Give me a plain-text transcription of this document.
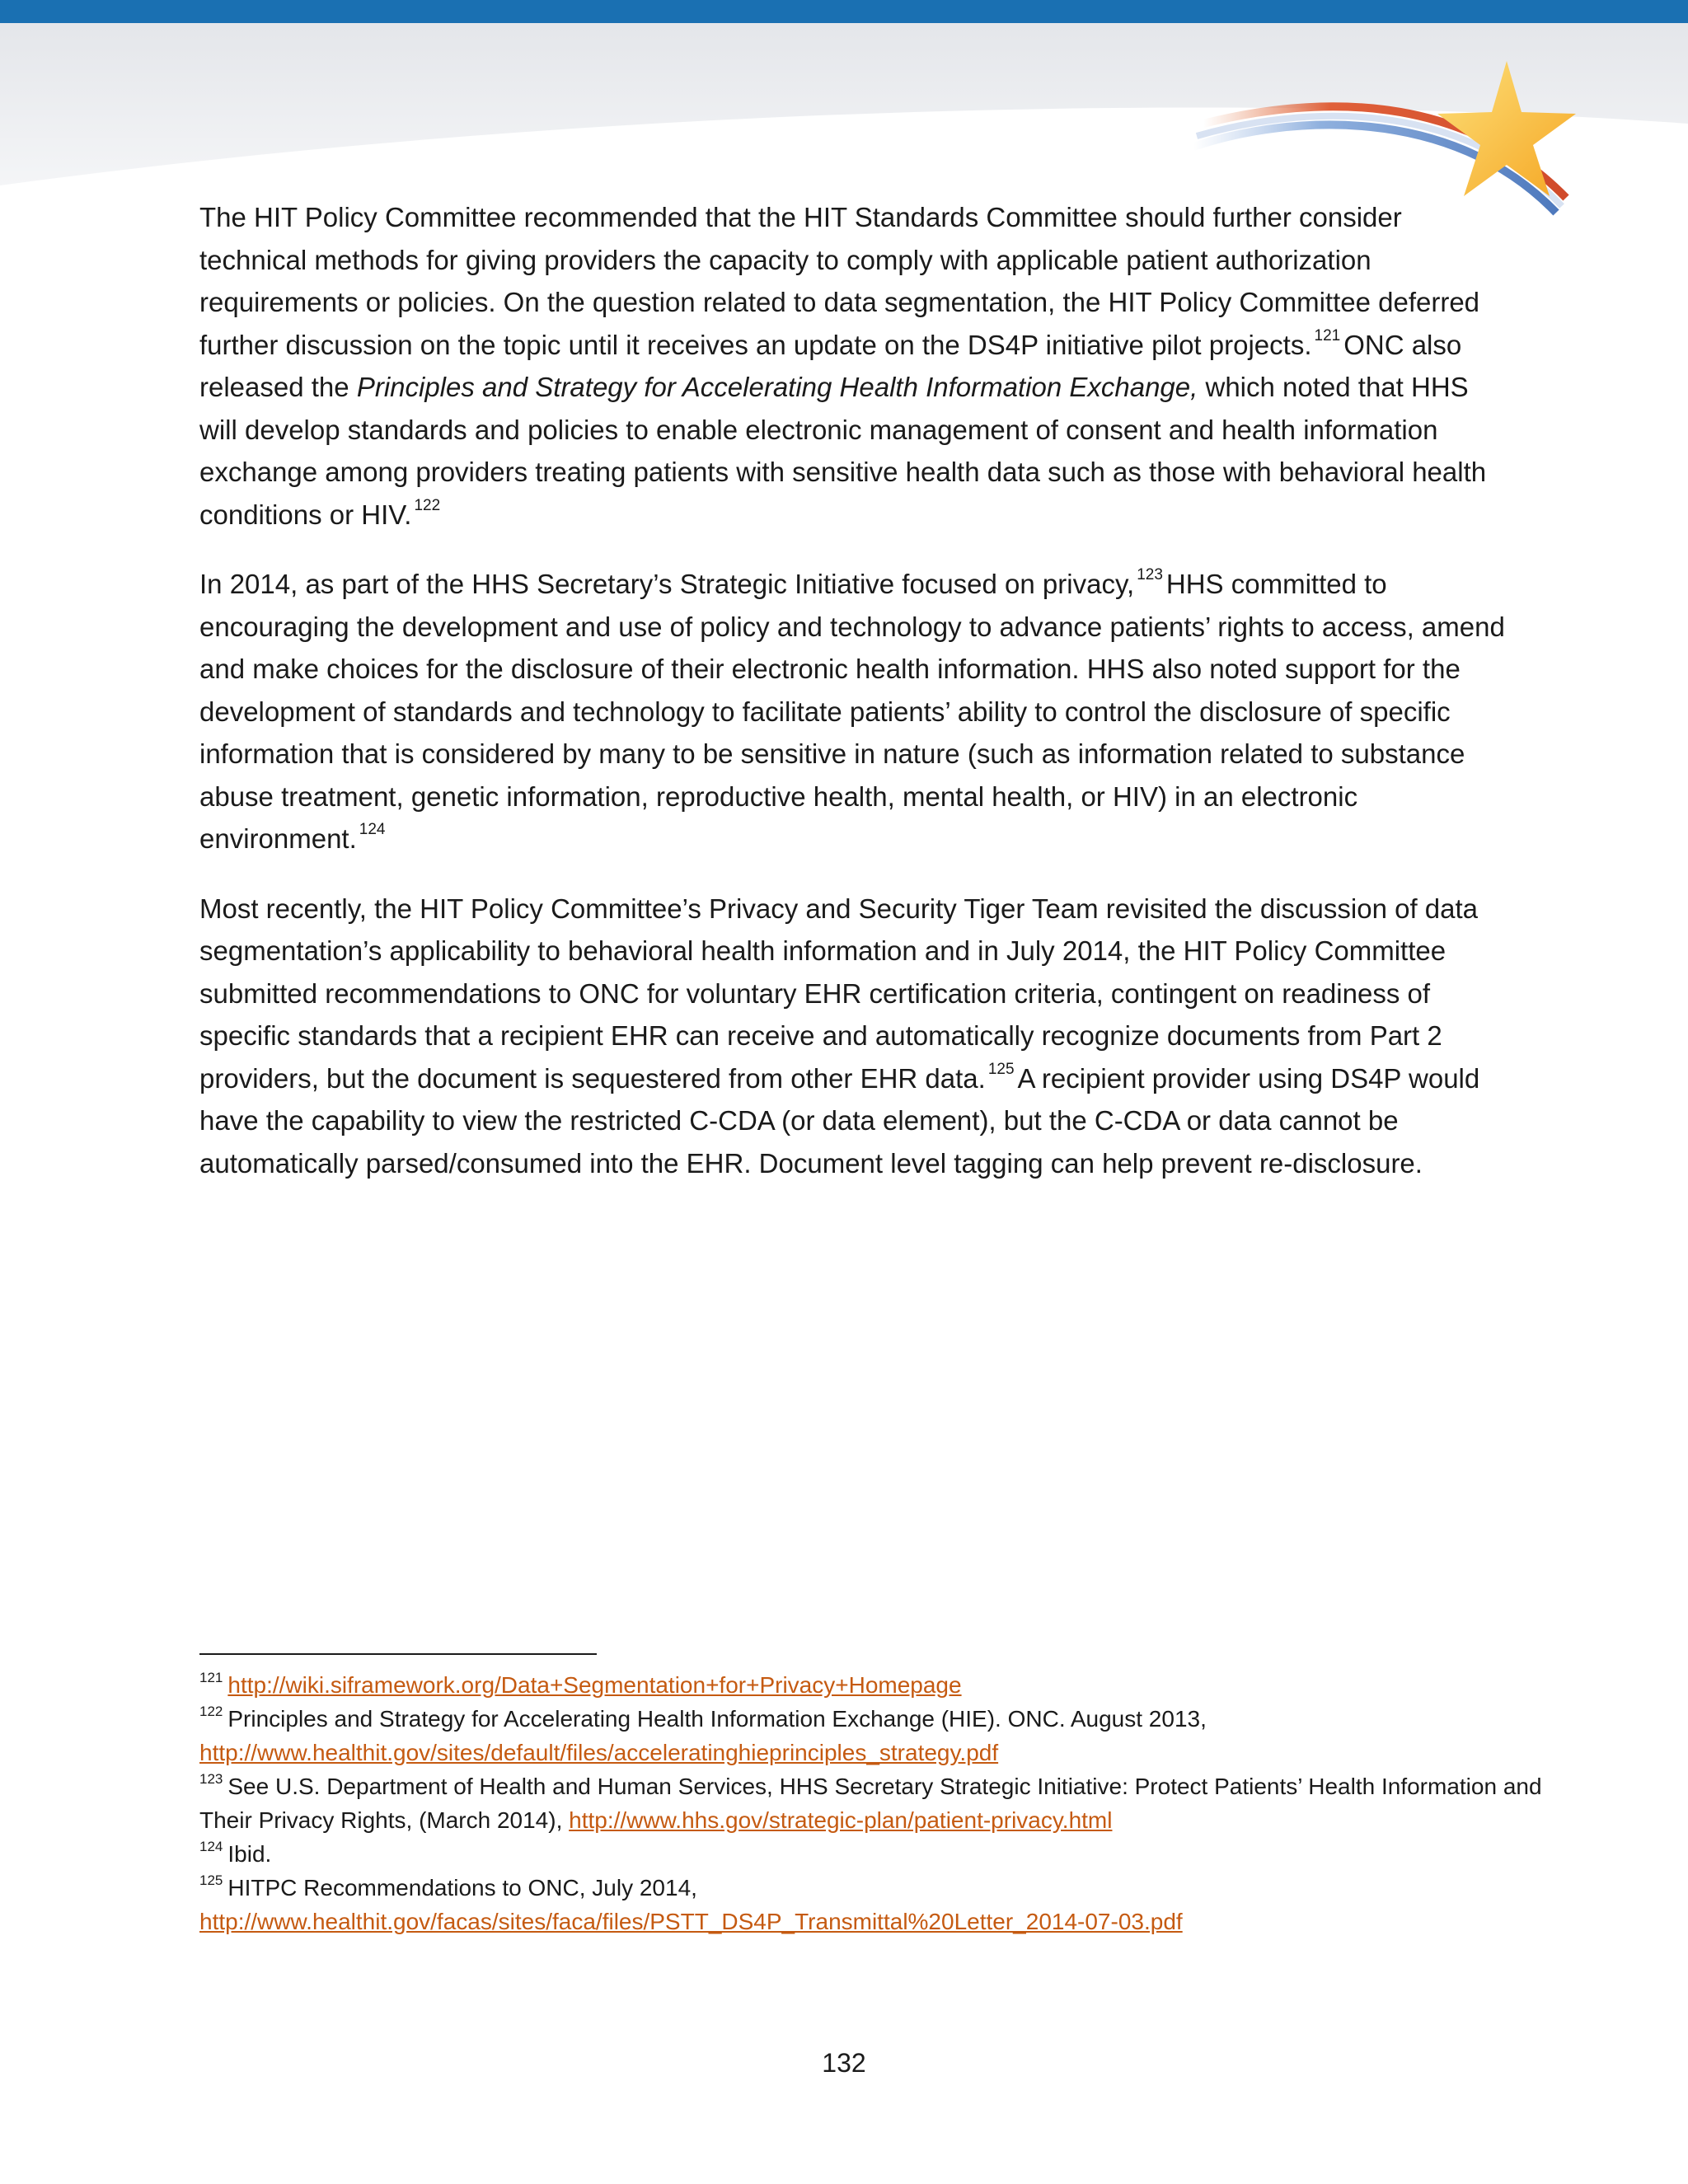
The HIT Policy Committee recommended that the HIT Standards Committee should further consider technical methods for giving providers the capacity to comply with applicable patient authorization requirements or policies. On the question related to data segmentation, the HIT Policy Committee deferred further discussion on the topic until it receives an update on the DS4P initiative pilot projects. $^{121}$ ONC also released the Principles and Strategy for Accelerating Health Information Exchange, which noted that HHS will develop standards and policies to enable electronic management of consent and health information exchange among providers treating patients with sensitive health data such as those with behavioral health conditions or HIV. $^{122}$

In 2014, as part of the HHS Secretary’s Strategic Initiative focused on privacy, $^{123}$ HHS committed to encouraging the development and use of policy and technology to advance patients’ rights to access, amend and make choices for the disclosure of their electronic health information. HHS also noted support for the development of standards and technology to facilitate patients’ ability to control the disclosure of specific information that is considered by many to be sensitive in nature (such as information related to substance abuse treatment, genetic information, reproductive health, mental health, or HIV) in an electronic environment. $^{124}$

Most recently, the HIT Policy Committee’s Privacy and Security Tiger Team revisited the discussion of data segmentation’s applicability to behavioral health information and in July 2014, the HIT Policy Committee submitted recommendations to ONC for voluntary EHR certification criteria, contingent on readiness of specific standards that a recipient EHR can receive and automatically recognize documents from Part 2 providers, but the document is sequestered from other EHR data. $^{125}$ A recipient provider using DS4P would have the capability to view the restricted C-CDA (or data element), but the C-CDA or data cannot be automatically parsed/consumed into the EHR. Document level tagging can help prevent re-disclosure.

$^{121}$ http://wiki.siframework.org/Data+Segmentation+for+Privacy+Homepage

$^{122}$ Principles and Strategy for Accelerating Health Information Exchange (HIE). ONC. August 2013,
http://www.healthit.gov/sites/default/files/acceleratinghieprinciples_strategy.pdf

$^{123}$ See U.S. Department of Health and Human Services, HHS Secretary Strategic Initiative: Protect Patients’ Health Information and Their Privacy Rights, (March 2014), http://www.hhs.gov/strategic-plan/patient-privacy.html

$^{124}$ Ibid.

$^{125}$ HITPC Recommendations to ONC, July 2014,
http://www.healthit.gov/facas/sites/faca/files/PSTT_DS4P_Transmittal%20Letter_2014-07-03.pdf

132
